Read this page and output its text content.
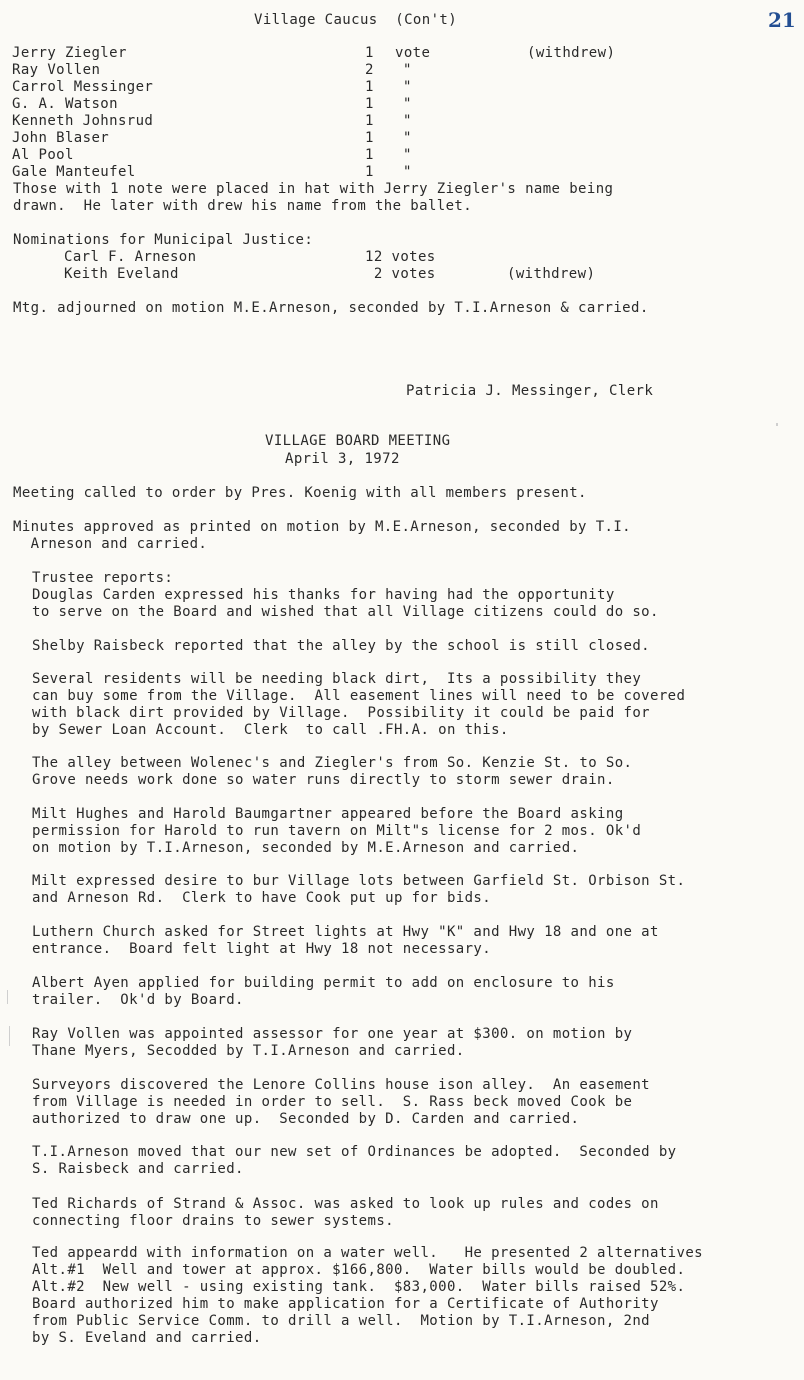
Village Caucus  (Con't)	21
Jerry Ziegler	1 vote	(withdrew)
Ray Vollen	2 "
Carrol Messinger	1 "
G. A. Watson	1 "
Kenneth Johnsrud	1 "
John Blaser	1 "
Al Pool	1 "
Gale Manteufel	1 "
Those with 1 note were placed in hat with Jerry Ziegler's name being
drawn.  He later with drew his name from the ballet.
Nominations for Municipal Justice:
Carl F. Arneson	12 votes
Keith Eveland	2 votes	(withdrew)
Mtg. adjourned on motion M.E.Arneson, seconded by T.I.Arneson & carried.
Patricia J. Messinger, Clerk
VILLAGE BOARD MEETING
April 3, 1972
Meeting called to order by Pres. Koenig with all members present.
Minutes approved as printed on motion by M.E.Arneson, seconded by T.I.
Arneson and carried.
Trustee reports:
Douglas Carden expressed his thanks for having had the opportunity
to serve on the Board and wished that all Village citizens could do so.
Shelby Raisbeck reported that the alley by the school is still closed.
Several residents will be needing black dirt,  Its a possibility they
can buy some from the Village.  All easement lines will need to be covered
with black dirt provided by Village.  Possibility it could be paid for
by Sewer Loan Account.  Clerk  to call .FH.A. on this.
The alley between Wolenec's and Ziegler's from So. Kenzie St. to So.
Grove needs work done so water runs directly to storm sewer drain.
Milt Hughes and Harold Baumgartner appeared before the Board asking
permission for Harold to run tavern on Milt"s license for 2 mos. Ok'd
on motion by T.I.Arneson, seconded by M.E.Arneson and carried.
Milt expressed desire to bur Village lots between Garfield St. Orbison St.
and Arneson Rd.  Clerk to have Cook put up for bids.
Luthern Church asked for Street lights at Hwy "K" and Hwy 18 and one at
entrance.  Board felt light at Hwy 18 not necessary.
Albert Ayen applied for building permit to add on enclosure to his
trailer.  Ok'd by Board.
Ray Vollen was appointed assessor for one year at $300. on motion by
Thane Myers, Secodded by T.I.Arneson and carried.
Surveyors discovered the Lenore Collins house ison alley.  An easement
from Village is needed in order to sell.  S. Rass beck moved Cook be
authorized to draw one up.  Seconded by D. Carden and carried.
T.I.Arneson moved that our new set of Ordinances be adopted.  Seconded by
S. Raisbeck and carried.
Ted Richards of Strand & Assoc. was asked to look up rules and codes on
connecting floor drains to sewer systems.
Ted appeardd with information on a water well.   He presented 2 alternatives
Alt.#1  Well and tower at approx. $166,800.  Water bills would be doubled.
Alt.#2  New well - using existing tank.  $83,000.  Water bills raised 52%.
Board authorized him to make application for a Certificate of Authority
from Public Service Comm. to drill a well.  Motion by T.I.Arneson, 2nd
by S. Eveland and carried.
